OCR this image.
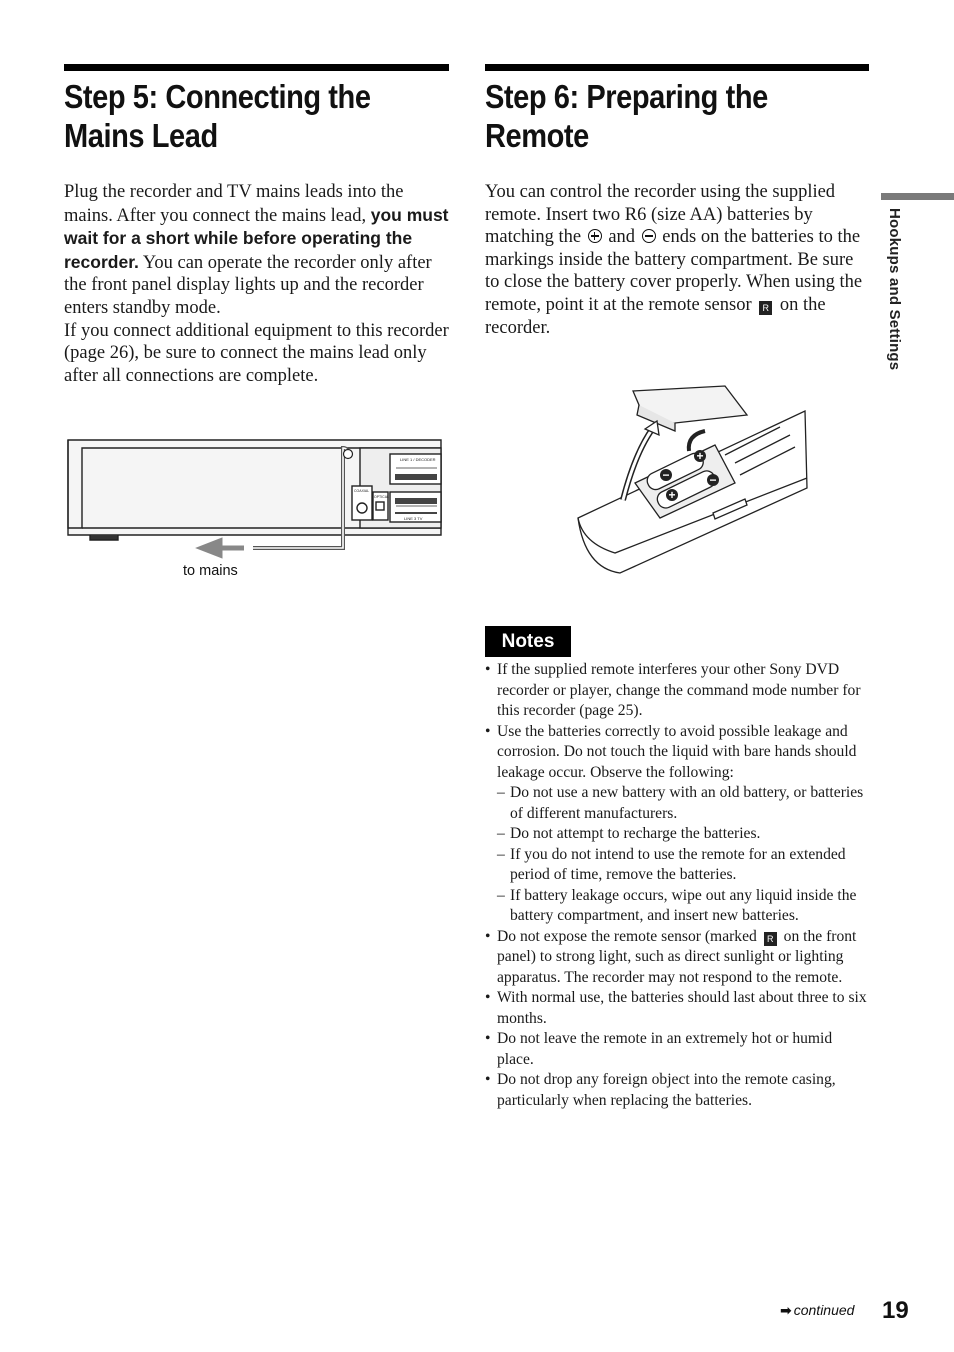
Step 5: Connecting the
Mains Lead
Step 6: Preparing the
Remote
Plug the recorder and TV mains leads into the mains. After you connect the mains lead, you must wait for a short while before operating the recorder. You can operate the recorder only after the front panel display lights up and the recorder enters standby mode.
If you connect additional equipment to this recorder (page 26), be sure to connect the mains lead only after all connections are complete.
LINE 1 / DECODER
LINE 3 TV
COAXIAL
OPTICAL
to mains
You can control the recorder using the supplied remote. Insert two R6 (size AA) batteries by matching the and ends on the batteries to the markings inside the battery compartment. Be sure to close the battery cover properly. When using the remote, point it at the remote sensor R on the recorder.
−
+
+
−
Notes
• If the supplied remote interferes your other Sony DVD recorder or player, change the command mode number for this recorder (page 25).
• Use the batteries correctly to avoid possible leakage and corrosion. Do not touch the liquid with bare hands should leakage occur. Observe the following:
– Do not use a new battery with an old battery, or batteries of different manufacturers.
– Do not attempt to recharge the batteries.
– If you do not intend to use the remote for an extended period of time, remove the batteries.
– If battery leakage occurs, wipe out any liquid inside the battery compartment, and insert new batteries.
• Do not expose the remote sensor (marked R on the front panel) to strong light, such as direct sunlight or lighting apparatus. The recorder may not respond to the remote.
• With normal use, the batteries should last about three to six months.
• Do not leave the remote in an extremely hot or humid place.
• Do not drop any foreign object into the remote casing, particularly when replacing the batteries.
Hookups and Settings
➡ continued 19
